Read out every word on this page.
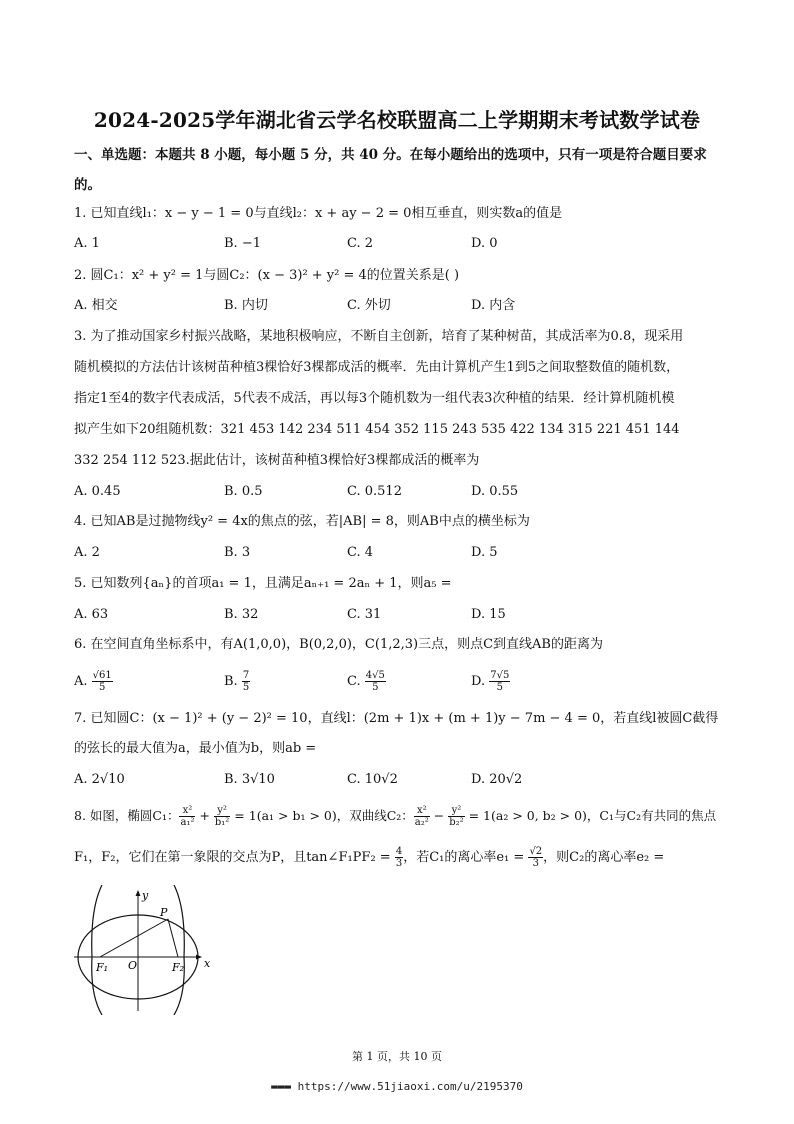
2024-2025学年湖北省云学名校联盟高二上学期期末考试数学试卷
一、单选题：本题共 8 小题，每小题 5 分，共 40 分。在每小题给出的选项中，只有一项是符合题目要求
的。
1. 已知直线l₁：x − y − 1 = 0与直线l₂：x + ay − 2 = 0相互垂直，则实数a的值是
A. 1	B. −1	C. 2	D. 0
2. 圆C₁：x² + y² = 1与圆C₂：(x − 3)² + y² = 4的位置关系是( )
A. 相交	B. 内切	C. 外切	D. 内含
3. 为了推动国家乡村振兴战略，某地积极响应，不断自主创新，培育了某种树苗，其成活率为0.8，现采用
随机模拟的方法估计该树苗种植3棵恰好3棵都成活的概率．先由计算机产生1到5之间取整数值的随机数，
指定1至4的数字代表成活，5代表不成活，再以每3个随机数为一组代表3次种植的结果．经计算机随机模
拟产生如下20组随机数：321 453 142 234 511 454 352 115 243 535 422 134 315 221 451 144
332 254 112 523.据此估计，该树苗种植3棵恰好3棵都成活的概率为
A. 0.45	B. 0.5	C. 0.512	D. 0.55
4. 已知AB是过抛物线y² = 4x的焦点的弦，若|AB| = 8，则AB中点的横坐标为
A. 2	B. 3	C. 4	D. 5
5. 已知数列{aₙ}的首项a₁ = 1，且满足aₙ₊₁ = 2aₙ + 1，则a₅ =
A. 63	B. 32	C. 31	D. 15
6. 在空间直角坐标系中，有A(1,0,0)，B(0,2,0)，C(1,2,3)三点，则点C到直线AB的距离为
A. $\frac{√61}{5}$	B. $\frac{7}{5}$	C. $\frac{4√5}{5}$	D. $\frac{7√5}{5}$
7. 已知圆C：(x − 1)² + (y − 2)² = 10，直线l：(2m + 1)x + (m + 1)y − 7m − 4 = 0，若直线l被圆C截得
的弦长的最大值为a，最小值为b，则ab =
A. 2√10	B. 3√10	C. 10√2	D. 20√2
8. 如图，椭圆C₁： $\frac{\text{x²}}{\text{a₁²}} + \frac{\text{y²}}{\text{b₁²}} = 1(a_1 > b_1 > 0)$，双曲线C₂： $\frac{\text{x²}}{\text{a₂²}} - \frac{\text{y²}}{\text{b₂²}} = 1(a_2 > 0$, b₂ > 0)，C₁与C₂有共同的焦点
F₁，F₂，它们在第一象限的交点为P，且tan∠F₁PF₂ = $\frac{4}{3}$ ，若C₁的离心率$e_1 = \frac{√2}{3}$ ，则C₂的离心率e₂ =
y
x
P
O
F₁	F₂
第 1 页，共 10 页
▬▬▬ https://www.51jiaoxi.com/u/2195370
